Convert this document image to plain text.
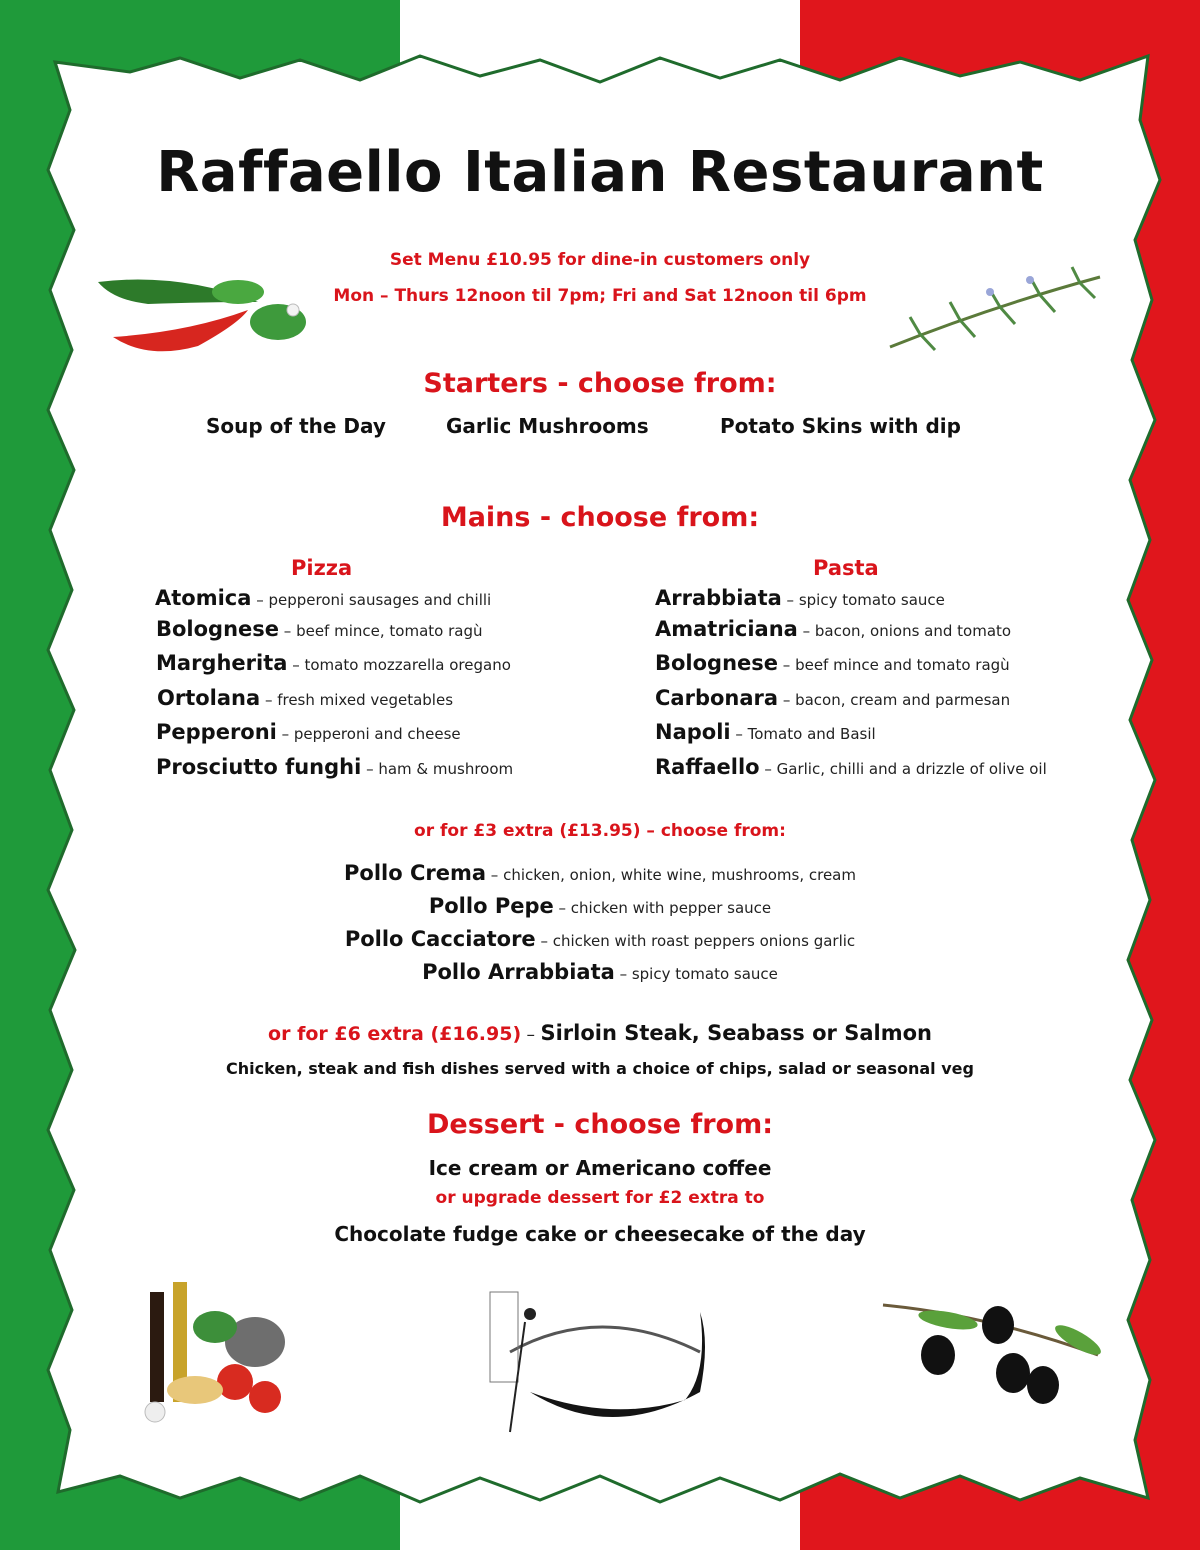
Raffaello Italian Restaurant
Set Menu £10.95 for dine-in customers only
Mon – Thurs 12noon til 7pm; Fri and Sat 12noon til 6pm
Starters - choose from:
Soup of the Day	Garlic Mushrooms	Potato Skins with dip
Mains - choose from:
Pizza	Pasta
Atomica – pepperoni sausages and chilli
Bolognese – beef mince, tomato ragù
Margherita – tomato mozzarella oregano
Ortolana – fresh mixed vegetables
Pepperoni – pepperoni and cheese
Prosciutto funghi – ham & mushroom
Arrabbiata – spicy tomato sauce
Amatriciana – bacon, onions and tomato
Bolognese – beef mince and tomato ragù
Carbonara – bacon, cream and parmesan
Napoli – Tomato and Basil
Raffaello – Garlic, chilli and a drizzle of olive oil
or for £3 extra (£13.95) – choose from:
Pollo Crema – chicken, onion, white wine, mushrooms, cream
Pollo Pepe – chicken with pepper sauce
Pollo Cacciatore – chicken with roast peppers onions garlic
Pollo Arrabbiata – spicy tomato sauce
or for £6 extra (£16.95) – Sirloin Steak, Seabass or Salmon
Chicken, steak and fish dishes served with a choice of chips, salad or seasonal veg
Dessert - choose from:
Ice cream or Americano coffee
or upgrade dessert for £2 extra to
Chocolate fudge cake or cheesecake of the day
